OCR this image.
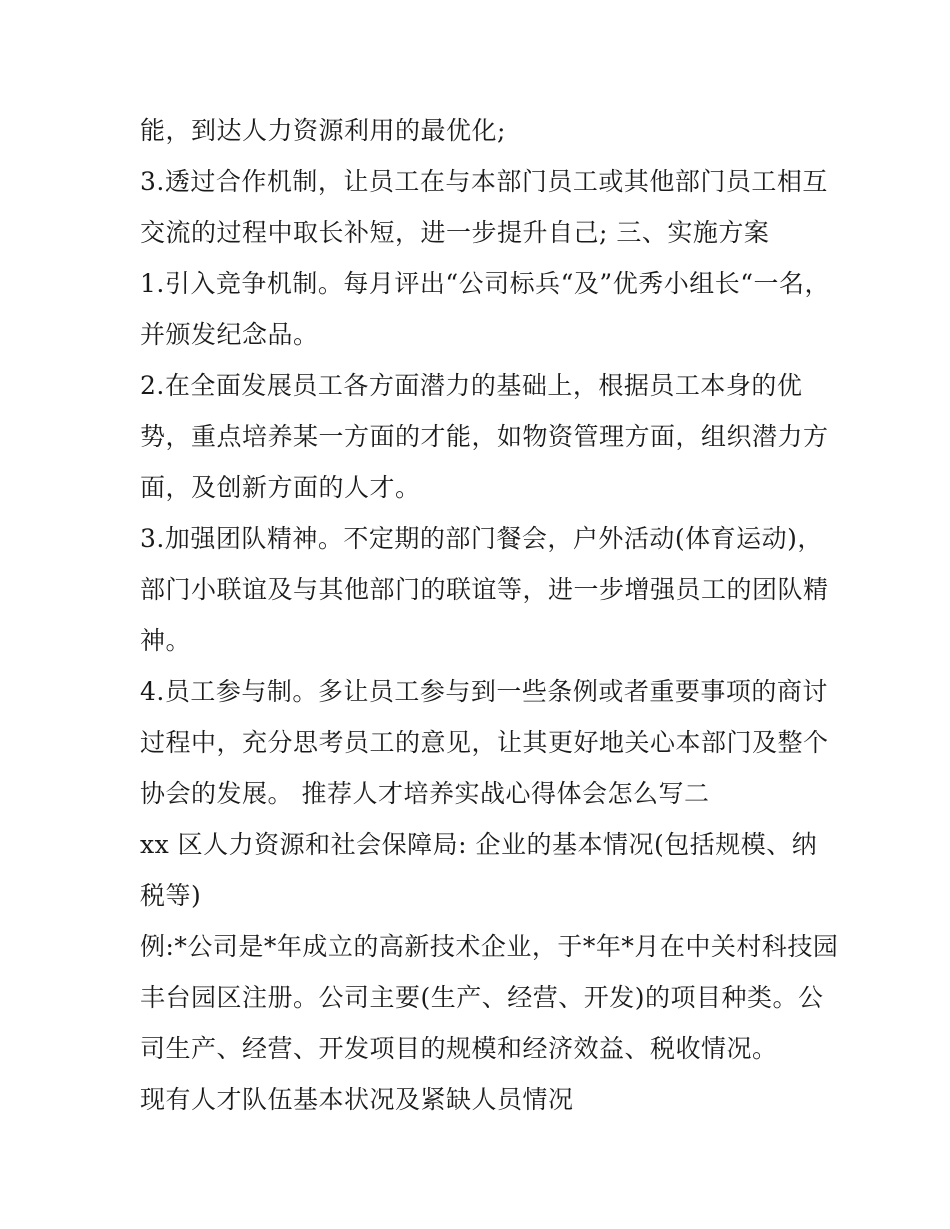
能，到达人力资源利用的最优化;
3.透过合作机制，让员工在与本部门员工或其他部门员工相互
交流的过程中取长补短，进一步提升自己; 三、实施方案
1.引入竞争机制。每月评出“公司标兵“及”优秀小组长“一名，
并颁发纪念品。
2.在全面发展员工各方面潜力的基础上，根据员工本身的优
势，重点培养某一方面的才能，如物资管理方面，组织潜力方
面，及创新方面的人才。
3.加强团队精神。不定期的部门餐会，户外活动(体育运动)，
部门小联谊及与其他部门的联谊等，进一步增强员工的团队精
神。
4.员工参与制。多让员工参与到一些条例或者重要事项的商讨
过程中，充分思考员工的意见，让其更好地关心本部门及整个
协会的发展。 推荐人才培养实战心得体会怎么写二
xx 区人力资源和社会保障局: 企业的基本情况(包括规模、纳
税等)
例:*公司是*年成立的高新技术企业，于*年*月在中关村科技园
丰台园区注册。公司主要(生产、经营、开发)的项目种类。公
司生产、经营、开发项目的规模和经济效益、税收情况。
现有人才队伍基本状况及紧缺人员情况
